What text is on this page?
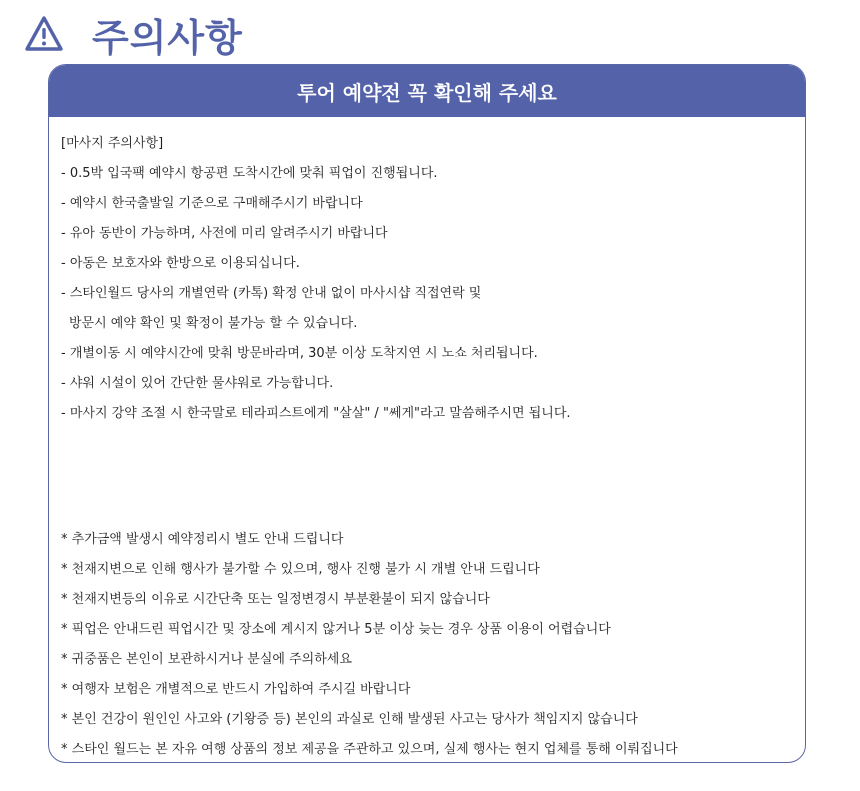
주의사항
투어 예약전 꼭 확인해 주세요
[마사지 주의사항]
- 0.5박 입국팩 예약시 항공편 도착시간에 맞춰 픽업이 진행됩니다.
- 예약시 한국출발일 기준으로 구매해주시기 바랍니다
- 유아 동반이 가능하며, 사전에 미리 알려주시기 바랍니다
- 아동은 보호자와 한방으로 이용되십니다.
- 스타인월드 당사의 개별연락 (카톡) 확정 안내 없이 마사시샵 직접연락 및
방문시 예약 확인 및 확정이 불가능 할 수 있습니다.
- 개별이동 시 예약시간에 맞춰 방문바라며, 30분 이상 도착지연 시 노쇼 처리됩니다.
- 샤워 시설이 있어 간단한 물샤워로 가능합니다.
- 마사지 강약 조절 시 한국말로 테라피스트에게 "살살" / "쎄게"라고 말씀해주시면 됩니다.
* 추가금액 발생시 예약정리시 별도 안내 드립니다
* 천재지변으로 인해 행사가 불가할 수 있으며, 행사 진행 불가 시 개별 안내 드립니다
* 천재지변등의 이유로 시간단축 또는 일정변경시 부분환불이 되지 않습니다
* 픽업은 안내드린 픽업시간 및 장소에 계시지 않거나 5분 이상 늦는 경우 상품 이용이 어렵습니다
* 귀중품은 본인이 보관하시거나 분실에 주의하세요
* 여행자 보험은 개별적으로 반드시 가입하여 주시길 바랍니다
* 본인 건강이 원인인 사고와 (기왕증 등) 본인의 과실로 인해 발생된 사고는 당사가 책임지지 않습니다
* 스타인 월드는 본 자유 여행 상품의 정보 제공을 주관하고 있으며, 실제 행사는 현지 업체를 통해 이뤄집니다
